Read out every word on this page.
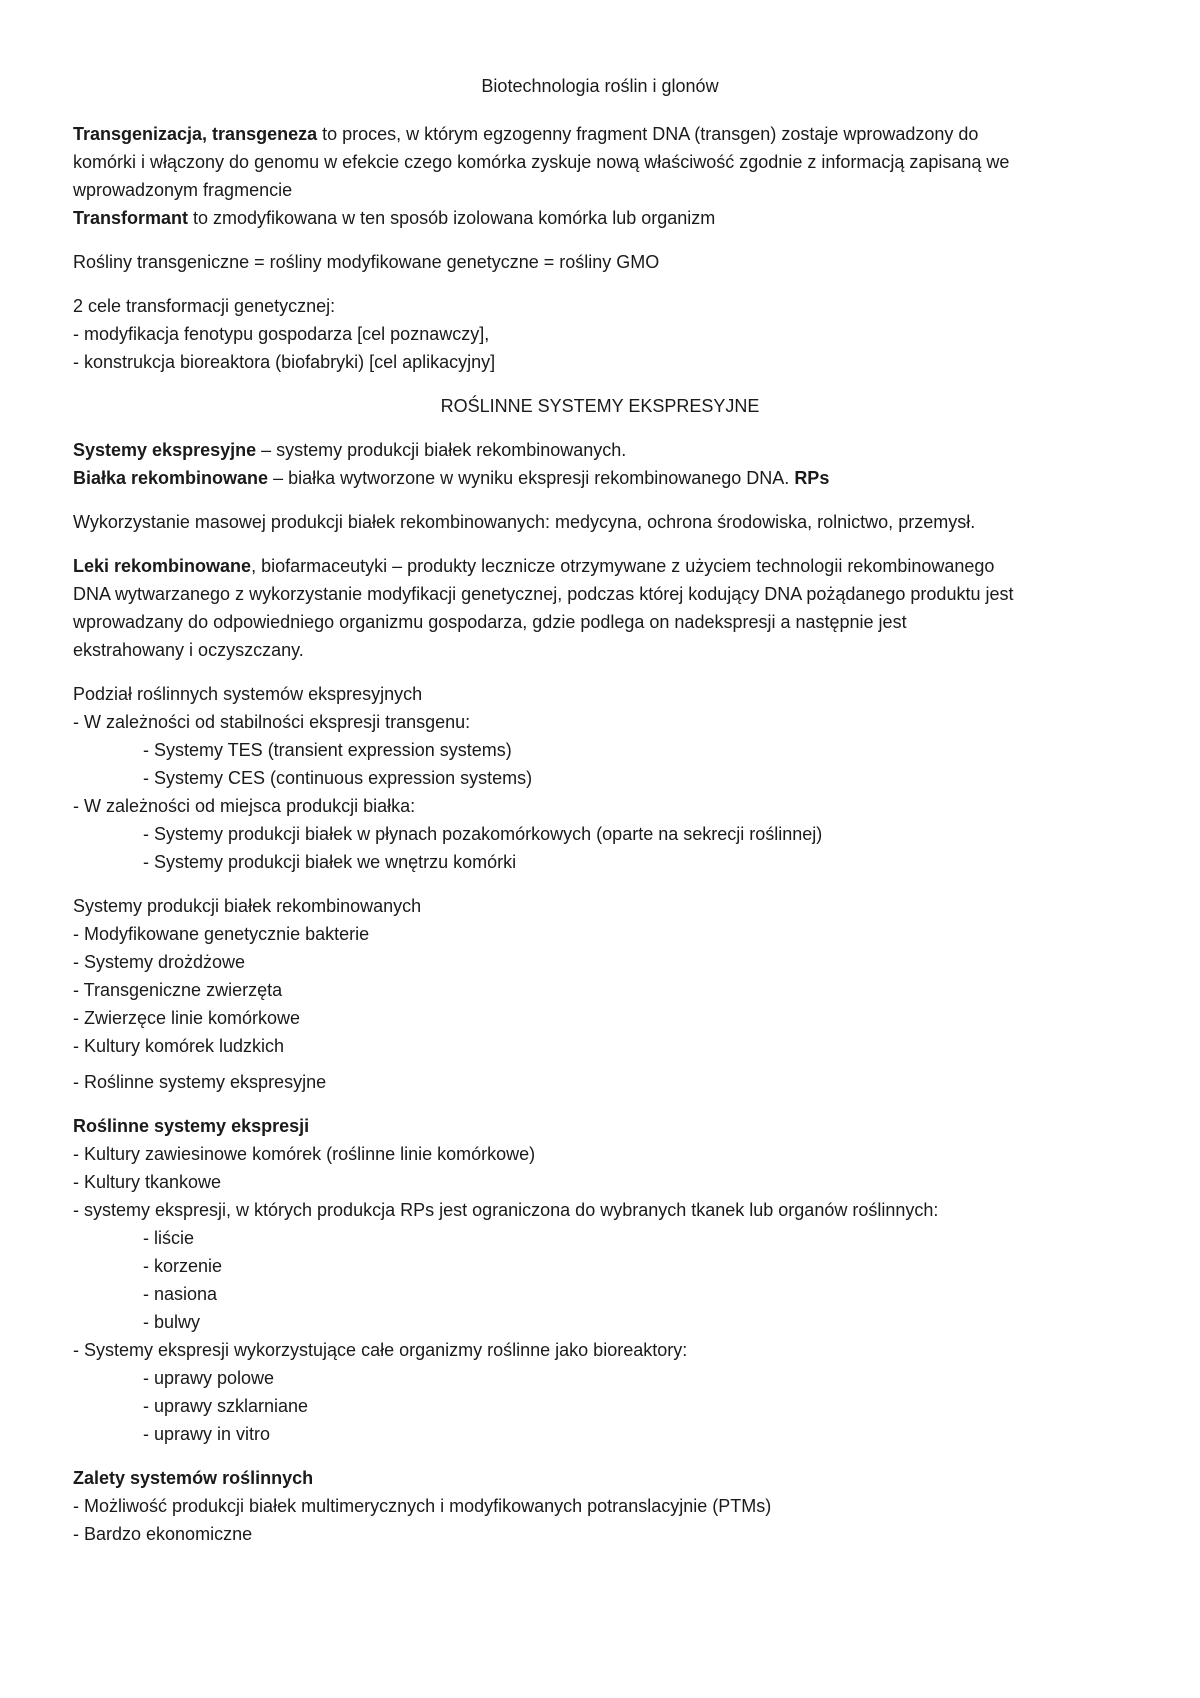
Biotechnologia roślin i glonów
Transgenizacja, transgeneza to proces, w którym egzogenny fragment DNA (transgen) zostaje wprowadzony do
komórki i włączony do genomu w efekcie czego komórka zyskuje nową właściwość zgodnie z informacją zapisaną we
wprowadzonym fragmencie
Transformant to zmodyfikowana w ten sposób izolowana komórka lub organizm
Rośliny transgeniczne = rośliny modyfikowane genetyczne = rośliny GMO
2 cele transformacji genetycznej:
- modyfikacja fenotypu gospodarza [cel poznawczy],
- konstrukcja bioreaktora (biofabryki) [cel aplikacyjny]
ROŚLINNE SYSTEMY EKSPRESYJNE
Systemy ekspresyjne – systemy produkcji białek rekombinowanych.
Białka rekombinowane – białka wytworzone w wyniku ekspresji rekombinowanego DNA. RPs
Wykorzystanie masowej produkcji białek rekombinowanych: medycyna, ochrona środowiska, rolnictwo, przemysł.
Leki rekombinowane, biofarmaceutyki – produkty lecznicze otrzymywane z użyciem technologii rekombinowanego
DNA wytwarzanego z wykorzystanie modyfikacji genetycznej, podczas której kodujący DNA pożądanego produktu jest
wprowadzany do odpowiedniego organizmu gospodarza, gdzie podlega on nadekspresji a następnie jest
ekstrahowany i oczyszczany.
Podział roślinnych systemów ekspresyjnych
- W zależności od stabilności ekspresji transgenu:
- Systemy TES (transient expression systems)
- Systemy CES (continuous expression systems)
- W zależności od miejsca produkcji białka:
- Systemy produkcji białek w płynach pozakomórkowych (oparte na sekrecji roślinnej)
- Systemy produkcji białek we wnętrzu komórki
Systemy produkcji białek rekombinowanych
- Modyfikowane genetycznie bakterie
- Systemy drożdżowe
- Transgeniczne zwierzęta
- Zwierzęce linie komórkowe
- Kultury komórek ludzkich
- Roślinne systemy ekspresyjne
Roślinne systemy ekspresji
- Kultury zawiesinowe komórek (roślinne linie komórkowe)
- Kultury tkankowe
- systemy ekspresji, w których produkcja RPs jest ograniczona do wybranych tkanek lub organów roślinnych:
- liście
- korzenie
- nasiona
- bulwy
- Systemy ekspresji wykorzystujące całe organizmy roślinne jako bioreaktory:
- uprawy polowe
- uprawy szklarniane
- uprawy in vitro
Zalety systemów roślinnych
- Możliwość produkcji białek multimerycznych i modyfikowanych potranslacyjnie (PTMs)
- Bardzo ekonomiczne
